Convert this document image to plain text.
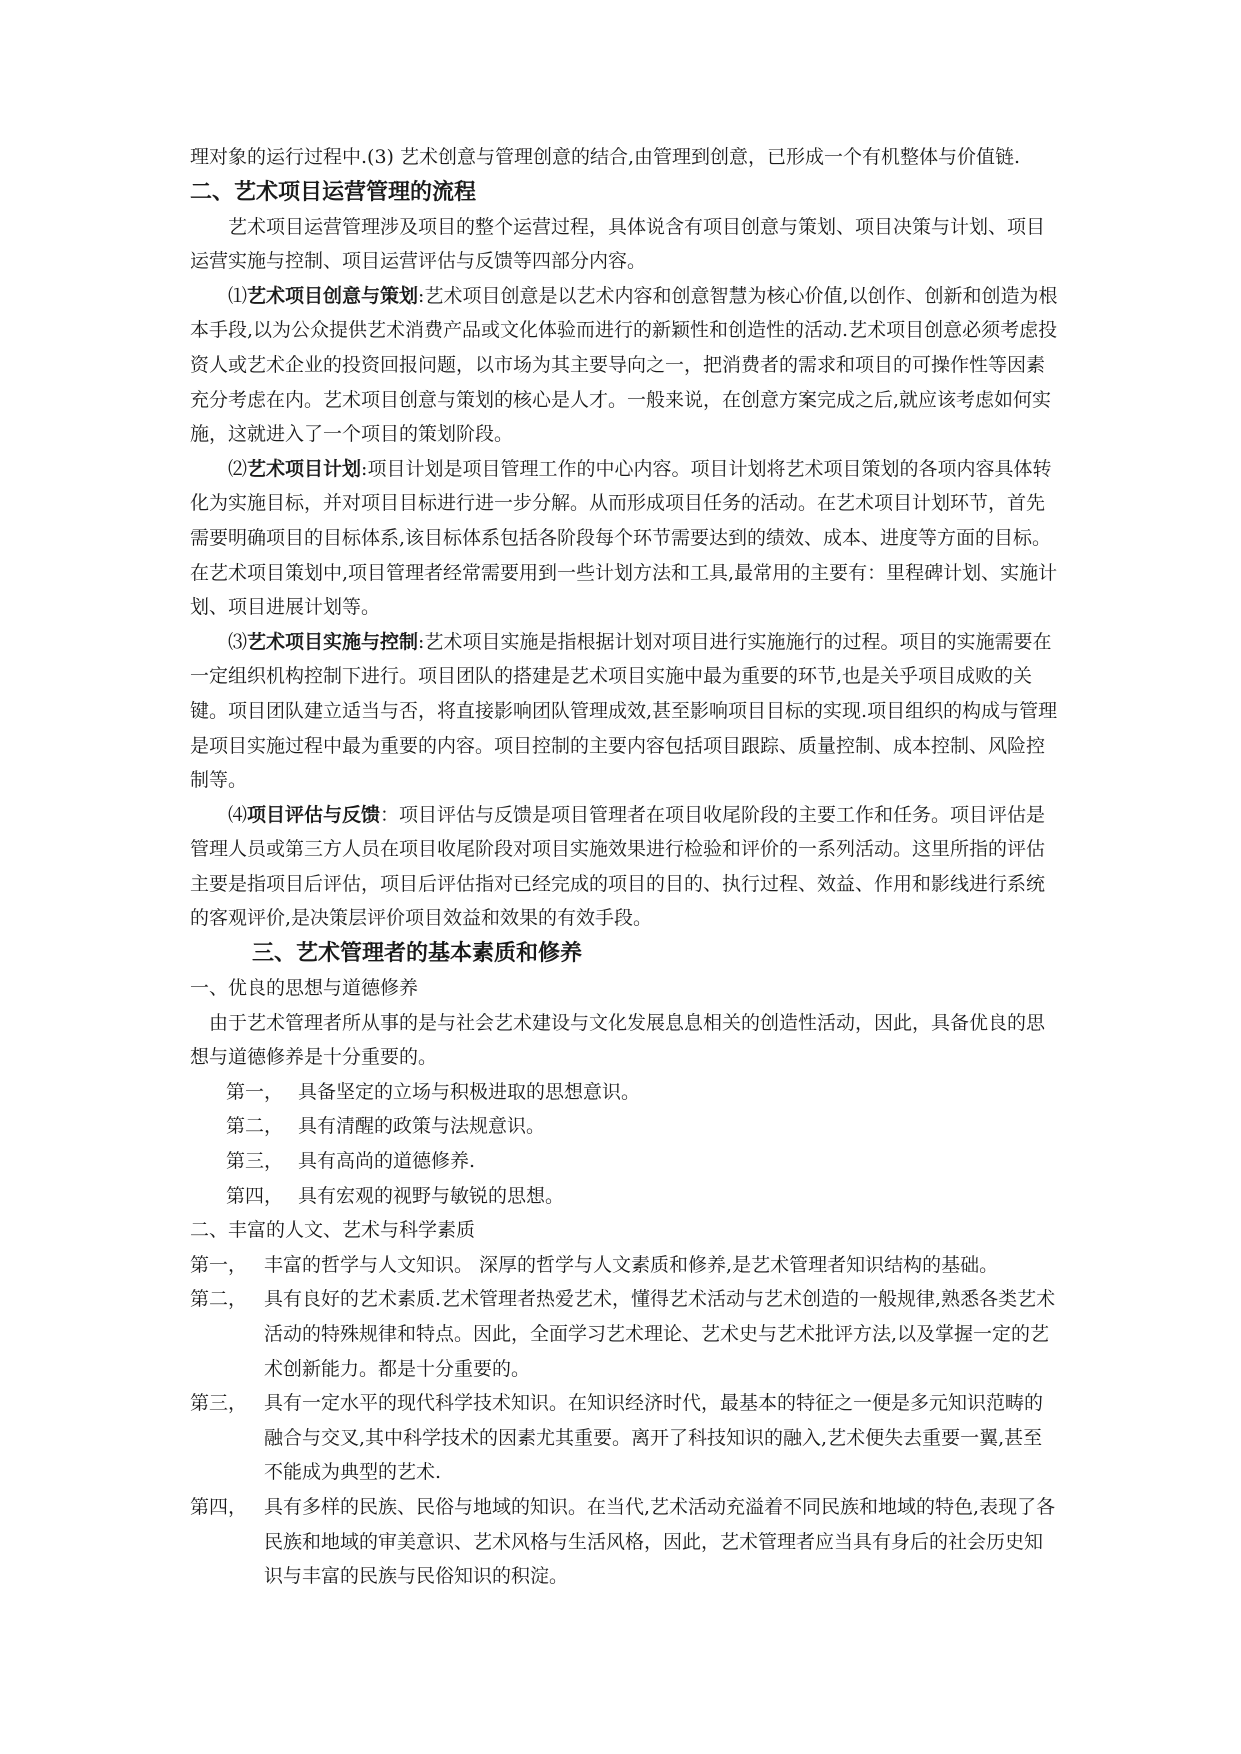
理对象的运行过程中.(3) 艺术创意与管理创意的结合,由管理到创意，已形成一个有机整体与价值链.

二、艺术项目运营管理的流程

艺术项目运营管理涉及项目的整个运营过程，具体说含有项目创意与策划、项目决策与计划、项目运营实施与控制、项目运营评估与反馈等四部分内容。

⑴艺术项目创意与策划:艺术项目创意是以艺术内容和创意智慧为核心价值,以创作、创新和创造为根本手段,以为公众提供艺术消费产品或文化体验而进行的新颖性和创造性的活动.艺术项目创意必须考虑投资人或艺术企业的投资回报问题，以市场为其主要导向之一，把消费者的需求和项目的可操作性等因素充分考虑在内。艺术项目创意与策划的核心是人才。一般来说，在创意方案完成之后,就应该考虑如何实施，这就进入了一个项目的策划阶段。

⑵艺术项目计划:项目计划是项目管理工作的中心内容。项目计划将艺术项目策划的各项内容具体转化为实施目标，并对项目目标进行进一步分解。从而形成项目任务的活动。在艺术项目计划环节，首先需要明确项目的目标体系,该目标体系包括各阶段每个环节需要达到的绩效、成本、进度等方面的目标。在艺术项目策划中,项目管理者经常需要用到一些计划方法和工具,最常用的主要有：里程碑计划、实施计划、项目进展计划等。

⑶艺术项目实施与控制:艺术项目实施是指根据计划对项目进行实施施行的过程。项目的实施需要在一定组织机构控制下进行。项目团队的搭建是艺术项目实施中最为重要的环节,也是关乎项目成败的关键。项目团队建立适当与否，将直接影响团队管理成效,甚至影响项目目标的实现.项目组织的构成与管理是项目实施过程中最为重要的内容。项目控制的主要内容包括项目跟踪、质量控制、成本控制、风险控制等。

⑷项目评估与反馈：项目评估与反馈是项目管理者在项目收尾阶段的主要工作和任务。项目评估是管理人员或第三方人员在项目收尾阶段对项目实施效果进行检验和评价的一系列活动。这里所指的评估主要是指项目后评估，项目后评估指对已经完成的项目的目的、执行过程、效益、作用和影线进行系统的客观评价,是决策层评价项目效益和效果的有效手段。

三、艺术管理者的基本素质和修养

一、优良的思想与道德修养

由于艺术管理者所从事的是与社会艺术建设与文化发展息息相关的创造性活动，因此，具备优良的思想与道德修养是十分重要的。

第一， 具备坚定的立场与积极进取的思想意识。

第二， 具有清醒的政策与法规意识。

第三， 具有高尚的道德修养.

第四， 具有宏观的视野与敏锐的思想。

二、丰富的人文、艺术与科学素质

第一， 丰富的哲学与人文知识。 深厚的哲学与人文素质和修养,是艺术管理者知识结构的基础。
第二， 具有良好的艺术素质.艺术管理者热爱艺术，懂得艺术活动与艺术创造的一般规律,熟悉各类艺术活动的特殊规律和特点。因此，全面学习艺术理论、艺术史与艺术批评方法,以及掌握一定的艺术创新能力。都是十分重要的。
第三， 具有一定水平的现代科学技术知识。在知识经济时代，最基本的特征之一便是多元知识范畴的融合与交叉,其中科学技术的因素尤其重要。离开了科技知识的融入,艺术便失去重要一翼,甚至不能成为典型的艺术.
第四， 具有多样的民族、民俗与地域的知识。在当代,艺术活动充溢着不同民族和地域的特色,表现了各民族和地域的审美意识、艺术风格与生活风格，因此，艺术管理者应当具有身后的社会历史知识与丰富的民族与民俗知识的积淀。
